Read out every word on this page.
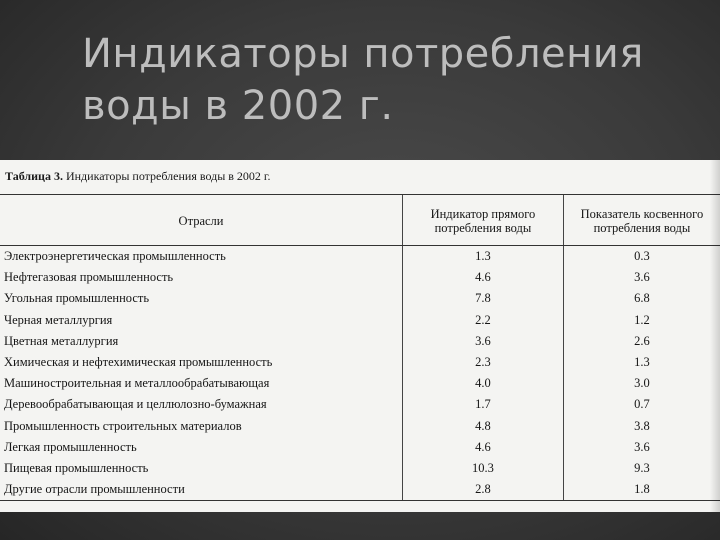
Индикаторы потребления
воды в 2002 г.
Таблица 3. Индикаторы потребления воды в 2002 г.
Отрасли	Индикатор прямого потребления воды	Показатель косвенного потребления воды
Электроэнергетическая промышленность	1.3	0.3
Нефтегазовая промышленность	4.6	3.6
Угольная промышленность	7.8	6.8
Черная металлургия	2.2	1.2
Цветная металлургия	3.6	2.6
Химическая и нефтехимическая промышленность	2.3	1.3
Машиностроительная и металлообрабатывающая	4.0	3.0
Деревообрабатывающая и целлюлозно-бумажная	1.7	0.7
Промышленность строительных материалов	4.8	3.8
Легкая промышленность	4.6	3.6
Пищевая промышленность	10.3	9.3
Другие отрасли промышленности	2.8	1.8
